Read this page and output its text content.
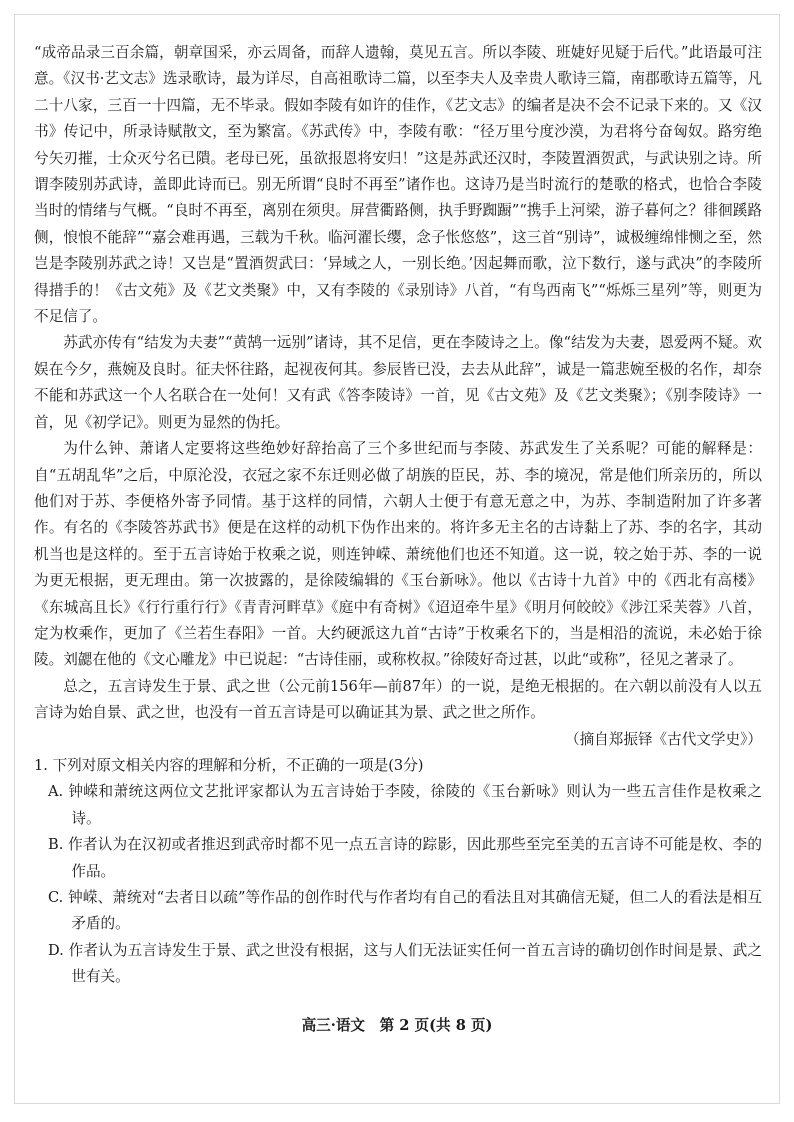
“成帝品录三百余篇，朝章国采，亦云周备，而辞人遗翰，莫见五言。所以李陵、班婕好见疑于后代。”此语最可注意。《汉书·艺文志》选录歌诗，最为详尽，自高祖歌诗二篇，以至李夫人及幸贵人歌诗三篇，南郡歌诗五篇等，凡二十八家，三百一十四篇，无不毕录。假如李陵有如许的佳作，《艺文志》的编者是决不会不记录下来的。又《汉书》传记中，所录诗赋散文，至为繁富。《苏武传》中，李陵有歌：“径万里兮度沙漠，为君将兮奋匈奴。路穷绝兮矢刃摧，士众灭兮名已隤。老母已死，虽欲报恩将安归！”这是苏武还汉时，李陵置酒贺武，与武诀别之诗。所谓李陵别苏武诗，盖即此诗而已。别无所谓“良时不再至”诸作也。这诗乃是当时流行的楚歌的格式，也恰合李陵当时的情绪与气概。“良时不再至，离别在须臾。屏营衢路侧，执手野踟蹰”“携手上河梁，游子暮何之？徘徊蹊路侧，悢悢不能辞”“嘉会难再遇，三载为千秋。临河濯长缨，念子怅悠悠”，这三首“别诗”，诚极缠绵悱恻之至，然岂是李陵别苏武之诗！又岂是“置酒贺武曰：‘异域之人，一别长绝。’因起舞而歌，泣下数行，遂与武决”的李陵所得措手的！《古文苑》及《艺文类聚》中，又有李陵的《录别诗》八首，“有鸟西南飞”“烁烁三星列”等，则更为不足信了。

苏武亦传有“结发为夫妻”“黄鹄一远别”诸诗，其不足信，更在李陵诗之上。像“结发为夫妻，恩爱两不疑。欢娱在今夕，燕婉及良时。征夫怀往路，起视夜何其。参辰皆已没，去去从此辞”，诚是一篇悲婉至极的名作，却奈不能和苏武这一个人名联合在一处何！又有武《答李陵诗》一首，见《古文苑》及《艺文类聚》；《别李陵诗》一首，见《初学记》。则更为显然的伪托。

为什么钟、萧诸人定要将这些绝妙好辞抬高了三个多世纪而与李陵、苏武发生了关系呢？可能的解释是：自“五胡乱华”之后，中原沦没，衣冠之家不东迁则必做了胡族的臣民，苏、李的境况，常是他们所亲历的，所以他们对于苏、李便格外寄予同情。基于这样的同情，六朝人士便于有意无意之中，为苏、李制造附加了许多著作。有名的《李陵答苏武书》便是在这样的动机下伪作出来的。将许多无主名的古诗黏上了苏、李的名字，其动机当也是这样的。至于五言诗始于枚乘之说，则连钟嵘、萧统他们也还不知道。这一说，较之始于苏、李的一说为更无根据，更无理由。第一次披露的，是徐陵编辑的《玉台新咏》。他以《古诗十九首》中的《西北有高楼》《东城高且长》《行行重行行》《青青河畔草》《庭中有奇树》《迢迢牵牛星》《明月何皎皎》《涉江采芙蓉》八首，定为枚乘作，更加了《兰若生春阳》一首。大约硬派这九首“古诗”于枚乘名下的，当是相沿的流说，未必始于徐陵。刘勰在他的《文心雕龙》中已说起：“古诗佳丽，或称枚叔。”徐陵好奇过甚，以此“或称”，径见之著录了。

总之，五言诗发生于景、武之世（公元前156年—前87年）的一说，是绝无根据的。在六朝以前没有人以五言诗为始自景、武之世，也没有一首五言诗是可以确证其为景、武之世之所作。

（摘自郑振铎《古代文学史》）

1. 下列对原文相关内容的理解和分析，不正确的一项是(3分)

A. 钟嵘和萧统这两位文艺批评家都认为五言诗始于李陵，徐陵的《玉台新咏》则认为一些五言佳作是枚乘之诗。

B. 作者认为在汉初或者推迟到武帝时都不见一点五言诗的踪影，因此那些至完至美的五言诗不可能是枚、李的作品。

C. 钟嵘、萧统对“去者日以疏”等作品的创作时代与作者均有自己的看法且对其确信无疑，但二人的看法是相互矛盾的。

D. 作者认为五言诗发生于景、武之世没有根据，这与人们无法证实任何一首五言诗的确切创作时间是景、武之世有关。

高三·语文　第 2 页(共 8 页)
